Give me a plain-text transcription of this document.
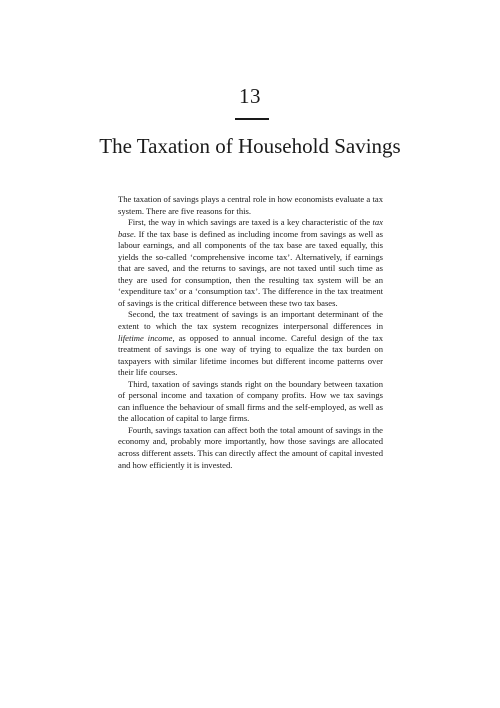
13
The Taxation of Household Savings

The taxation of savings plays a central role in how economists evaluate a tax system. There are five reasons for this.

First, the way in which savings are taxed is a key characteristic of the tax base. If the tax base is defined as including income from savings as well as labour earnings, and all components of the tax base are taxed equally, this yields the so-called ‘comprehensive income tax’. Alternatively, if earnings that are saved, and the returns to savings, are not taxed until such time as they are used for consumption, then the resulting tax system will be an ‘expenditure tax’ or a ‘consumption tax’. The difference in the tax treatment of savings is the critical difference between these two tax bases.

Second, the tax treatment of savings is an important determinant of the extent to which the tax system recognizes interpersonal differences in lifetime income, as opposed to annual income. Careful design of the tax treatment of savings is one way of trying to equalize the tax burden on taxpayers with similar lifetime incomes but different income patterns over their life courses.

Third, taxation of savings stands right on the boundary between taxation of personal income and taxation of company profits. How we tax savings can influence the behaviour of small firms and the self-employed, as well as the allocation of capital to large firms.

Fourth, savings taxation can affect both the total amount of savings in the economy and, probably more importantly, how those savings are allocated across different assets. This can directly affect the amount of capital invested and how efficiently it is invested.
